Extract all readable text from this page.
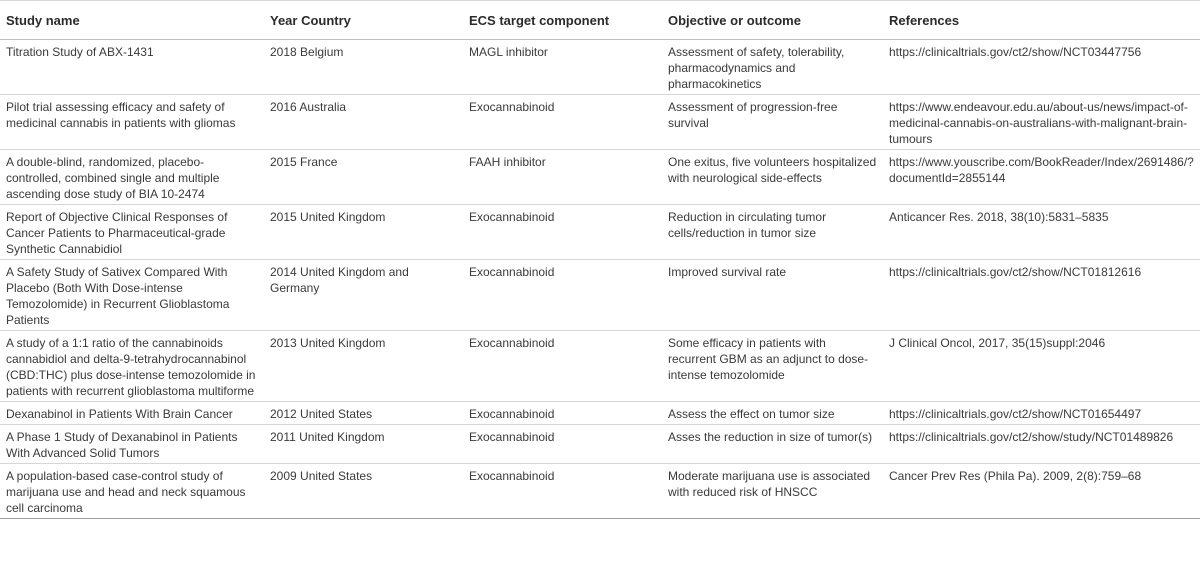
Study name	Year Country	ECS target component	Objective or outcome	References
Titration Study of ABX-1431	2018 Belgium	MAGL inhibitor	Assessment of safety, tolerability, pharmacodynamics and pharmacokinetics	https://clinicaltrials.gov/ct2/show/NCT03447756
Pilot trial assessing efficacy and safety of medicinal cannabis in patients with gliomas	2016 Australia	Exocannabinoid	Assessment of progression-free survival	https://www.endeavour.edu.au/about-us/news/impact-of-medicinal-cannabis-on-australians-with-malignant-brain-tumours
A double-blind, randomized, placebo-controlled, combined single and multiple ascending dose study of BIA 10-2474	2015 France	FAAH inhibitor	One exitus, five volunteers hospitalized with neurological side-effects	https://www.youscribe.com/BookReader/Index/2691486/?documentId=2855144
Report of Objective Clinical Responses of Cancer Patients to Pharmaceutical-grade Synthetic Cannabidiol	2015 United Kingdom	Exocannabinoid	Reduction in circulating tumor cells/reduction in tumor size	Anticancer Res. 2018, 38(10):5831–5835
A Safety Study of Sativex Compared With Placebo (Both With Dose-intense Temozolomide) in Recurrent Glioblastoma Patients	2014 United Kingdom and Germany	Exocannabinoid	Improved survival rate	https://clinicaltrials.gov/ct2/show/NCT01812616
A study of a 1:1 ratio of the cannabinoids cannabidiol and delta-9-tetrahydrocannabinol (CBD:THC) plus dose-intense temozolomide in patients with recurrent glioblastoma multiforme	2013 United Kingdom	Exocannabinoid	Some efficacy in patients with recurrent GBM as an adjunct to dose-intense temozolomide	J Clinical Oncol, 2017, 35(15)suppl:2046
Dexanabinol in Patients With Brain Cancer	2012 United States	Exocannabinoid	Assess the effect on tumor size	https://clinicaltrials.gov/ct2/show/NCT01654497
A Phase 1 Study of Dexanabinol in Patients With Advanced Solid Tumors	2011 United Kingdom	Exocannabinoid	Asses the reduction in size of tumor(s)	https://clinicaltrials.gov/ct2/show/study/NCT01489826
A population-based case-control study of marijuana use and head and neck squamous cell carcinoma	2009 United States	Exocannabinoid	Moderate marijuana use is associated with reduced risk of HNSCC	Cancer Prev Res (Phila Pa). 2009, 2(8):759–68
